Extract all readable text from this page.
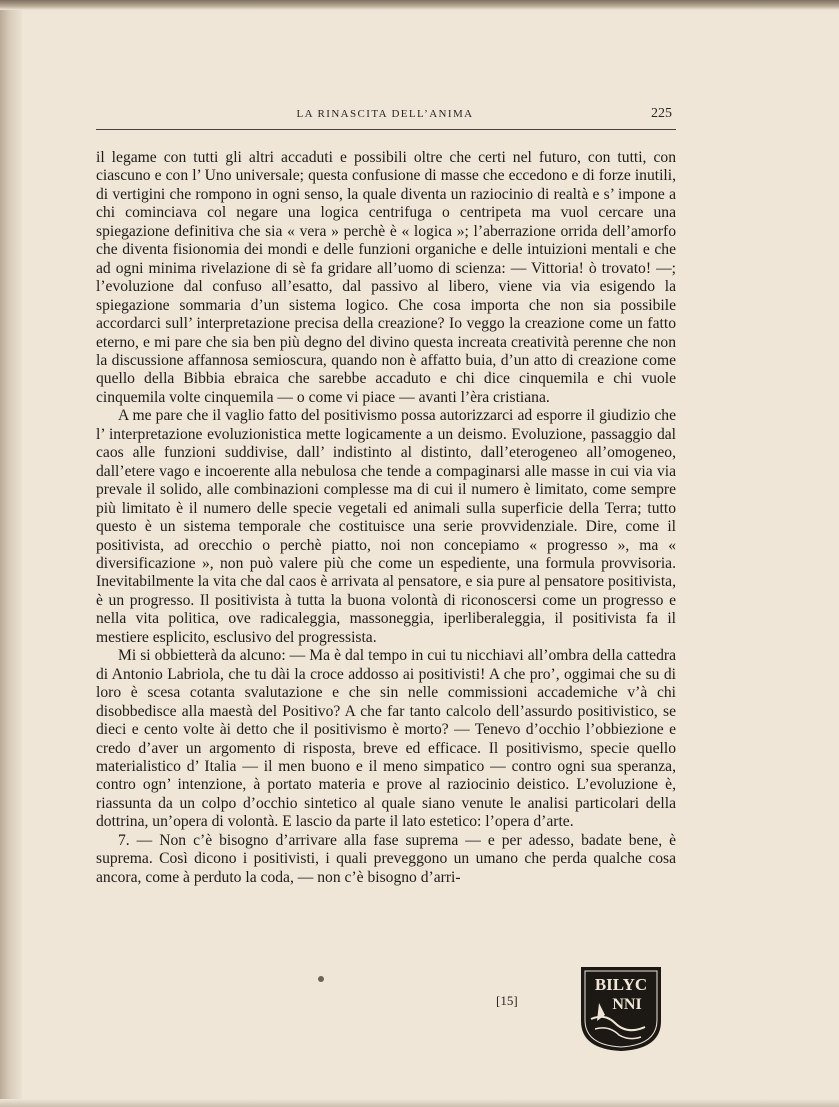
LA RINASCITA DELL’ANIMA	225

il legame con tutti gli altri accaduti e possibili oltre che certi nel futuro, con tutti, con ciascuno e con l’ Uno universale; questa confusione di masse che eccedono e di forze inutili, di vertigini che rompono in ogni senso, la quale diventa un raziocinio di realtà e s’ impone a chi cominciava col negare una logica centrifuga o centripeta ma vuol cercare una spiegazione definitiva che sia « vera » perchè è « logica »; l’aberrazione orrida dell’amorfo che diventa fisionomia dei mondi e delle funzioni organiche e delle intuizioni mentali e che ad ogni minima rivelazione di sè fa gridare all’uomo di scienza: — Vittoria! ò trovato! —; l’evoluzione dal confuso all’esatto, dal passivo al libero, viene via via esigendo la spiegazione sommaria d’un sistema logico. Che cosa importa che non sia possibile accordarci sull’ interpretazione precisa della creazione? Io veggo la creazione come un fatto eterno, e mi pare che sia ben più degno del divino questa increata creatività perenne che non la discussione affannosa semioscura, quando non è affatto buia, d’un atto di creazione come quello della Bibbia ebraica che sarebbe accaduto e chi dice cinquemila e chi vuole cinquemila volte cinquemila — o come vi piace — avanti l’èra cristiana.

A me pare che il vaglio fatto del positivismo possa autorizzarci ad esporre il giudizio che l’ interpretazione evoluzionistica mette logicamente a un deismo. Evoluzione, passaggio dal caos alle funzioni suddivise, dall’ indistinto al distinto, dall’eterogeneo all’omogeneo, dall’etere vago e incoerente alla nebulosa che tende a compaginarsi alle masse in cui via via prevale il solido, alle combinazioni complesse ma di cui il numero è limitato, come sempre più limitato è il numero delle specie vegetali ed animali sulla superficie della Terra; tutto questo è un sistema temporale che costituisce una serie provvidenziale. Dire, come il positivista, ad orecchio o perchè piatto, noi non concepiamo « progresso », ma « diversificazione », non può valere più che come un espediente, una formula provvisoria. Inevitabilmente la vita che dal caos è arrivata al pensatore, e sia pure al pensatore positivista, è un progresso. Il positivista à tutta la buona volontà di riconoscersi come un progresso e nella vita politica, ove radicaleggia, massoneggia, iperliberaleggia, il positivista fa il mestiere esplicito, esclusivo del progressista.

Mi si obbietterà da alcuno: — Ma è dal tempo in cui tu nicchiavi all’ombra della cattedra di Antonio Labriola, che tu dài la croce addosso ai positivisti! A che pro’, oggimai che su di loro è scesa cotanta svalutazione e che sin nelle commissioni accademiche v’à chi disobbedisce alla maestà del Positivo? A che far tanto calcolo dell’assurdo positivistico, se dieci e cento volte ài detto che il positivismo è morto? — Tenevo d’occhio l’obbiezione e credo d’aver un argomento di risposta, breve ed efficace. Il positivismo, specie quello materialistico d’ Italia — il men buono e il meno simpatico — contro ogni sua speranza, contro ogn’ intenzione, à portato materia e prove al raziocinio deistico. L’evoluzione è, riassunta da un colpo d’occhio sintetico al quale siano venute le analisi particolari della dottrina, un’opera di volontà. E lascio da parte il lato estetico: l’opera d’arte.

7. — Non c’è bisogno d’arrivare alla fase suprema — e per adesso, badate bene, è suprema. Così dicono i positivisti, i quali preveggono un umano che perda qualche cosa ancora, come à perduto la coda, — non c’è bisogno d’arri-

[15]
BILYC
NNI
